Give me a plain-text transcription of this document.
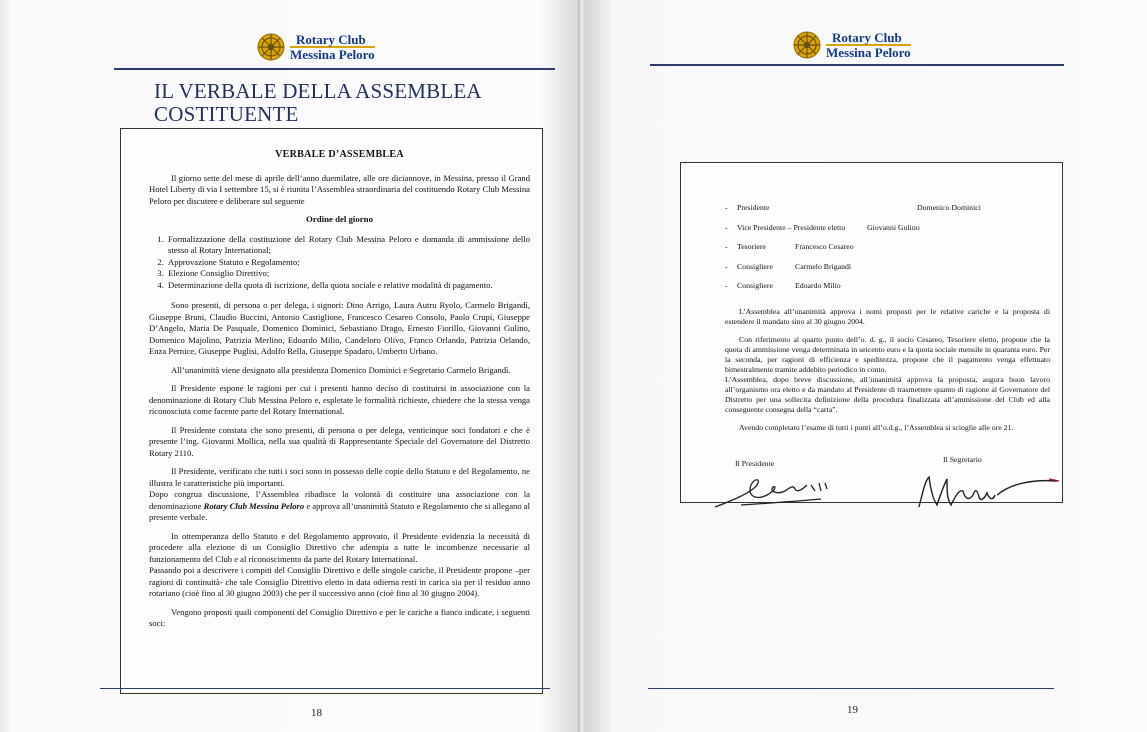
Rotary Club
Messina Peloro
IL VERBALE DELLA ASSEMBLEA
COSTITUENTE
VERBALE D’ASSEMBLEA

Il giorno sette del mese di aprile dell’anno duemilatre, alle ore diciannove, in Messina, presso il Grand Hotel Liberty di via I settembre 15, si è riunita l’Assemblea straordinaria del costituendo Rotary Club Messina Peloro per discutere e deliberare sul seguente

Ordine del giorno
1. Formalizzazione della costituzione del Rotary Club Messina Peloro e domanda di ammissione dello stesso al Rotary International;
2. Approvazione Statuto e Regolamento;
3. Elezione Consiglio Direttivo;
4. Determinazione della quota di iscrizione, della quota sociale e relative modalità di pagamento.

Sono presenti, di persona o per delega, i signori: Dino Arrigo, Laura Autru Ryolo, Carmelo Brigandì, Giuseppe Bruni, Claudio Buccini, Antonio Castiglione, Francesco Cesareo Consolo, Paolo Crupi, Giuseppe D’Angelo, Maria De Pasquale, Domenico Dominici, Sebastiano Drago, Ernesto Fiorillo, Giovanni Gulino, Domenico Majolino, Patrizia Merlino, Edoardo Milio, Candeloro Olivo, Franco Orlando, Patrizia Orlando, Enza Pernice, Giuseppe Puglisi, Adolfo Rella, Giuseppe Spadaro, Umberto Urbano.

All’unanimità viene designato alla presidenza Domenico Dominici e Segretario Carmelo Brigandì.

Il Presidente espone le ragioni per cui i presenti hanno deciso di costituirsi in associazione con la denominazione di Rotary Club Messina Peloro e, espletate le formalità richieste, chiedere che la stessa venga riconosciuta come facente parte del Rotary International.

Il Presidente constata che sono presenti, di persona o per delega, venticinque soci fondatori e che è presente l’ing. Giovanni Mollica, nella sua qualità di Rappresentante Speciale del Governatore del Distretto Rotary 2110.

Il Presidente, verificato che tutti i soci sono in possesso delle copie dello Statuto e del Regolamento, ne illustra le caratteristiche più importanti.

Dopo congrua discussione, l’Assemblea ribadisce la volontà di costituire una associazione con la denominazione Rotary Club Messina Peloro e approva all’unanimità Statuto e Regolamento che si allegano al presente verbale.

In ottemperanza dello Statuto e del Regolamento approvato, il Presidente evidenzia la necessità di procedere alla elezione di un Consiglio Direttivo che adempia a tutte le incombenze necessarie al funzionamento del Club e al riconoscimento da parte del Rotary International.

Passando poi a descrivere i compiti del Consiglio Direttivo e delle singole cariche, il Presidente propone –per ragioni di continuità- che tale Consiglio Direttivo eletto in data odierna resti in carica sia per il residuo anno rotariano (cioè fino al 30 giugno 2003) che per il successivo anno (cioè fino al 30 giugno 2004).

Vengono proposti quali componenti del Consiglio Direttivo e per le cariche a fianco indicate, i seguenti soci:

18
Rotary Club
Messina Peloro
-	Presidente	Domenico Dominici
-	Vice Presidente – Presidente eletto	Giovanni Gulino
-	Tesoriere	Francesco Cesareo
-	Consigliere	Carmelo Brigandì
-	Consigliere	Edoardo Milio

L’Assemblea all’unanimità approva i nomi proposti per le relative cariche e la proposta di estendere il mandato sino al 30 giugno 2004.

Con riferimento al quarto punto dell’o. d. g., il socio Cesareo, Tesoriere eletto, propone che la quota di ammissione venga determinata in seicento euro e la quota sociale mensile in quaranta euro. Per la seconda, per ragioni di efficienza e speditezza, propone che il pagamento venga effettuato bimestralmente tramite addebito periodico in conto.

L’Assemblea, dopo breve discussione, all’unanimità approva la proposta, augura buon lavoro all’organismo ora eletto e da mandato al Presidente di trasmettere quanto di ragione al Governatore del Distretto per una sollecita definizione della procedura finalizzata all’ammissione del Club ed alla conseguente consegna della “carta”.

Avendo completato l’esame di tutti i punti all’o.d.g., l’Assemblea si scioglie alle ore 21.

Il Presidente	Il Segretario
19
